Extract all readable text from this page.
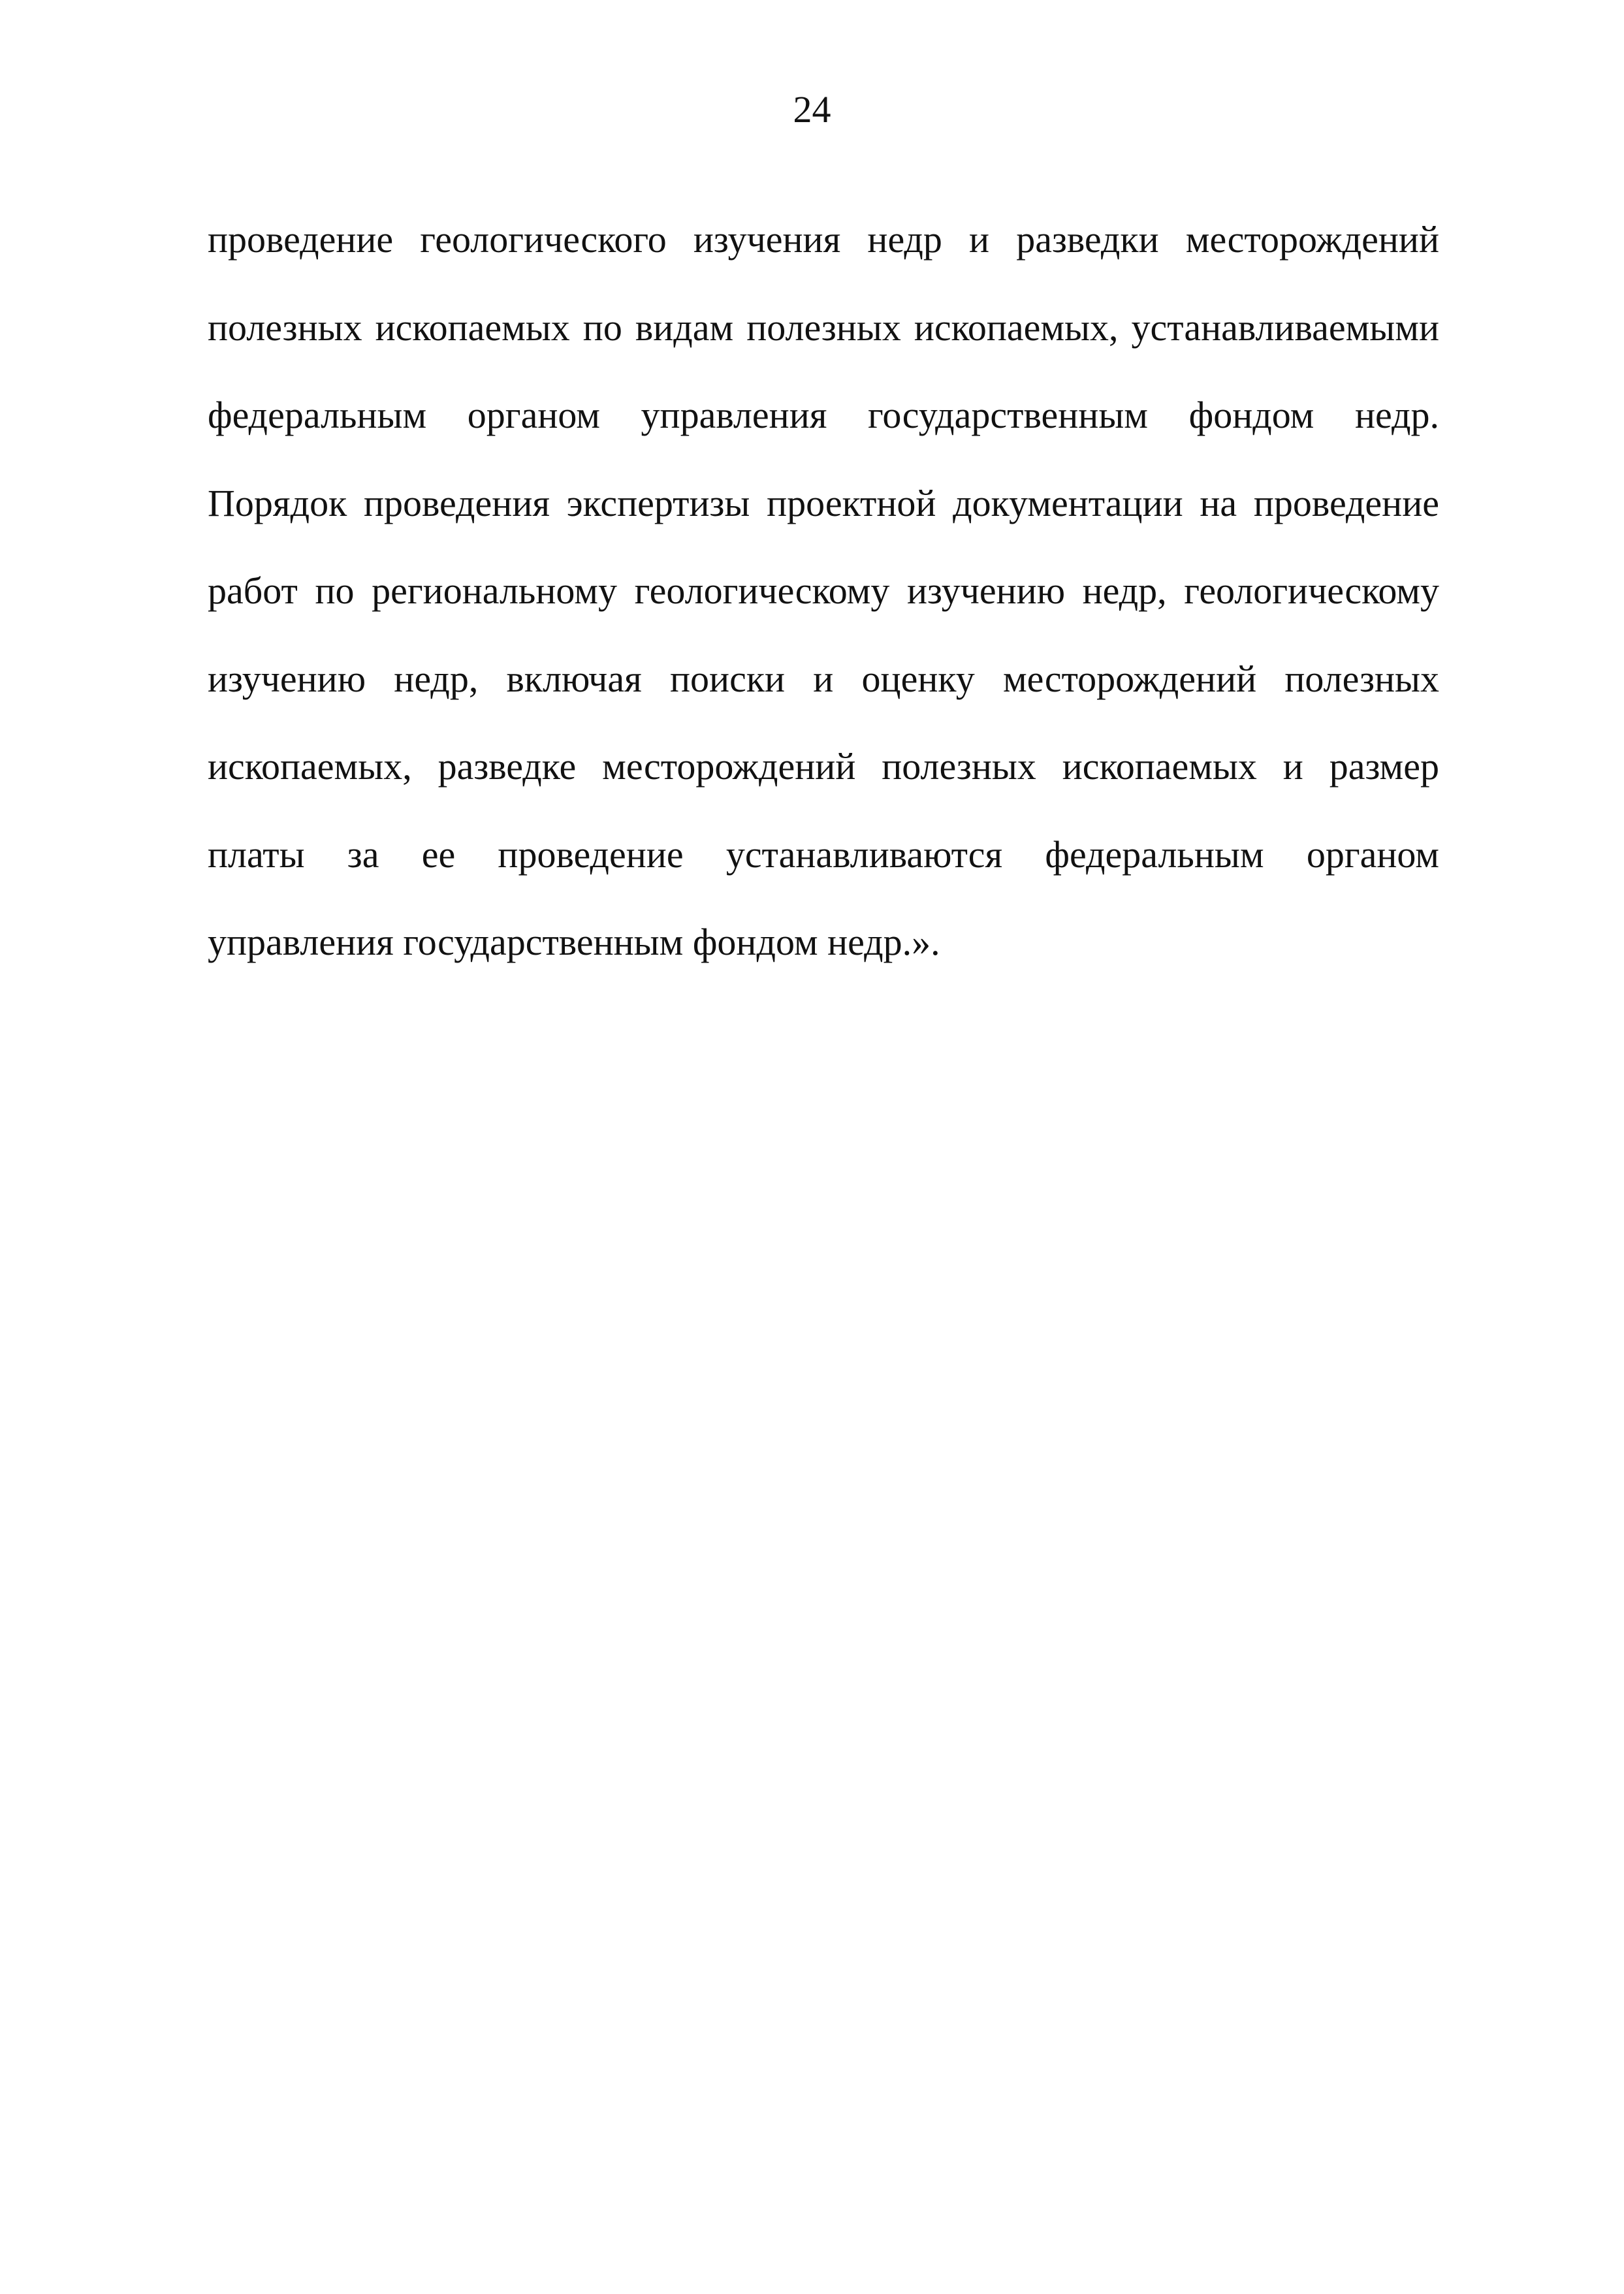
24
проведение геологического изучения недр и разведки месторождений
полезных ископаемых по видам полезных ископаемых, устанавливаемыми
федеральным органом управления государственным фондом недр.
Порядок проведения экспертизы проектной документации на проведение
работ по региональному геологическому изучению недр, геологическому
изучению недр, включая поиски и оценку месторождений полезных
ископаемых, разведке месторождений полезных ископаемых и размер
платы за ее проведение устанавливаются федеральным органом
управления государственным фондом недр.».
